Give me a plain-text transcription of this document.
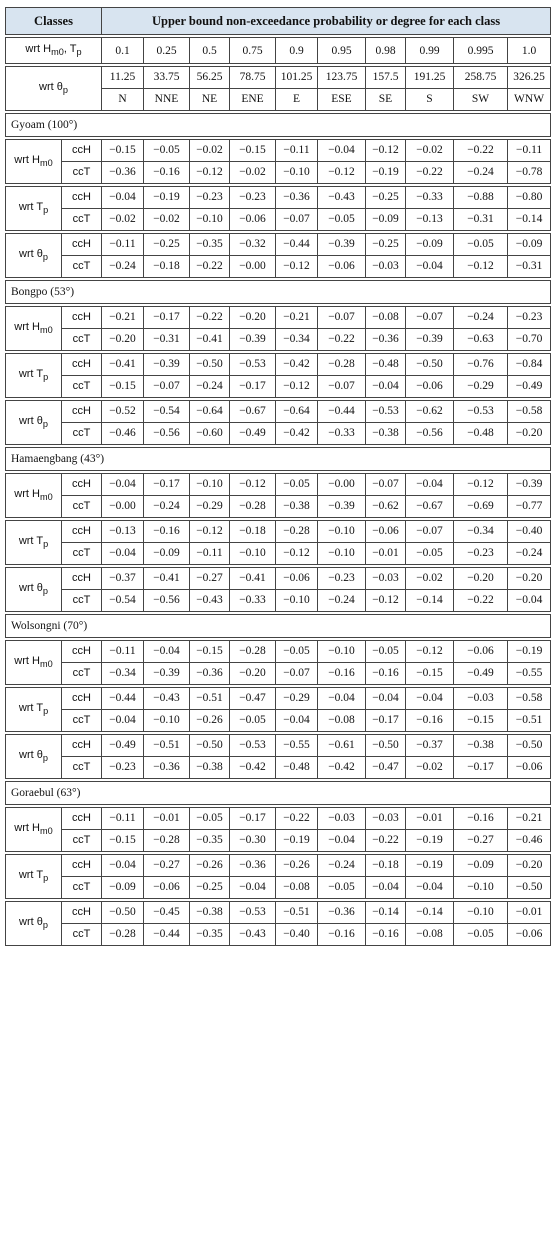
Classes		Upper bound non-exceedance probability or degree for each class									

wrt $H_{m0}$, $T_p$		0.1	0.25	0.5	0.75	0.9	0.95	0.98	0.99	0.995	1.0

wrt $\theta_p$		11.25	33.75	56.25	78.75	101.25	123.75	157.5	191.25	258.75	326.25
		N	NNE	NE	ENE	E	ESE	SE	S	SW	WNW

Gyoam (100°)											

wrt $H_{m0}$	ccH	−0.15	−0.05	−0.02	−0.15	−0.11	−0.04	−0.12	−0.02	−0.22	−0.11
	ccT	−0.36	−0.16	−0.12	−0.02	−0.10	−0.12	−0.19	−0.22	−0.24	−0.78

wrt $T_p$	ccH	−0.04	−0.19	−0.23	−0.23	−0.36	−0.43	−0.25	−0.33	−0.88	−0.80
	ccT	−0.02	−0.02	−0.10	−0.06	−0.07	−0.05	−0.09	−0.13	−0.31	−0.14

wrt $\theta_p$	ccH	−0.11	−0.25	−0.35	−0.32	−0.44	−0.39	−0.25	−0.09	−0.05	−0.09
	ccT	−0.24	−0.18	−0.22	−0.00	−0.12	−0.06	−0.03	−0.04	−0.12	−0.31

Bongpo (53°)											

wrt $H_{m0}$	ccH	−0.21	−0.17	−0.22	−0.20	−0.21	−0.07	−0.08	−0.07	−0.24	−0.23
	ccT	−0.20	−0.31	−0.41	−0.39	−0.34	−0.22	−0.36	−0.39	−0.63	−0.70

wrt $T_p$	ccH	−0.41	−0.39	−0.50	−0.53	−0.42	−0.28	−0.48	−0.50	−0.76	−0.84
	ccT	−0.15	−0.07	−0.24	−0.17	−0.12	−0.07	−0.04	−0.06	−0.29	−0.49

wrt $\theta_p$	ccH	−0.52	−0.54	−0.64	−0.67	−0.64	−0.44	−0.53	−0.62	−0.53	−0.58
	ccT	−0.46	−0.56	−0.60	−0.49	−0.42	−0.33	−0.38	−0.56	−0.48	−0.20

Hamaengbang (43°)											

wrt $H_{m0}$	ccH	−0.04	−0.17	−0.10	−0.12	−0.05	−0.00	−0.07	−0.04	−0.12	−0.39
	ccT	−0.00	−0.24	−0.29	−0.28	−0.38	−0.39	−0.62	−0.67	−0.69	−0.77

wrt $T_p$	ccH	−0.13	−0.16	−0.12	−0.18	−0.28	−0.10	−0.06	−0.07	−0.34	−0.40
	ccT	−0.04	−0.09	−0.11	−0.10	−0.12	−0.10	−0.01	−0.05	−0.23	−0.24

wrt $\theta_p$	ccH	−0.37	−0.41	−0.27	−0.41	−0.06	−0.23	−0.03	−0.02	−0.20	−0.20
	ccT	−0.54	−0.56	−0.43	−0.33	−0.10	−0.24	−0.12	−0.14	−0.22	−0.04

Wolsongni (70°)											

wrt $H_{m0}$	ccH	−0.11	−0.04	−0.15	−0.28	−0.05	−0.10	−0.05	−0.12	−0.06	−0.19
	ccT	−0.34	−0.39	−0.36	−0.20	−0.07	−0.16	−0.16	−0.15	−0.49	−0.55

wrt $T_p$	ccH	−0.44	−0.43	−0.51	−0.47	−0.29	−0.04	−0.04	−0.04	−0.03	−0.58
	ccT	−0.04	−0.10	−0.26	−0.05	−0.04	−0.08	−0.17	−0.16	−0.15	−0.51

wrt $\theta_p$	ccH	−0.49	−0.51	−0.50	−0.53	−0.55	−0.61	−0.50	−0.37	−0.38	−0.50
	ccT	−0.23	−0.36	−0.38	−0.42	−0.48	−0.42	−0.47	−0.02	−0.17	−0.06

Goraebul (63°)											

wrt $H_{m0}$	ccH	−0.11	−0.01	−0.05	−0.17	−0.22	−0.03	−0.03	−0.01	−0.16	−0.21
	ccT	−0.15	−0.28	−0.35	−0.30	−0.19	−0.04	−0.22	−0.19	−0.27	−0.46

wrt $T_p$	ccH	−0.04	−0.27	−0.26	−0.36	−0.26	−0.24	−0.18	−0.19	−0.09	−0.20
	ccT	−0.09	−0.06	−0.25	−0.04	−0.08	−0.05	−0.04	−0.04	−0.10	−0.50

wrt $\theta_p$	ccH	−0.50	−0.45	−0.38	−0.53	−0.51	−0.36	−0.14	−0.14	−0.10	−0.01
	ccT	−0.28	−0.44	−0.35	−0.43	−0.40	−0.16	−0.16	−0.08	−0.05	−0.06
